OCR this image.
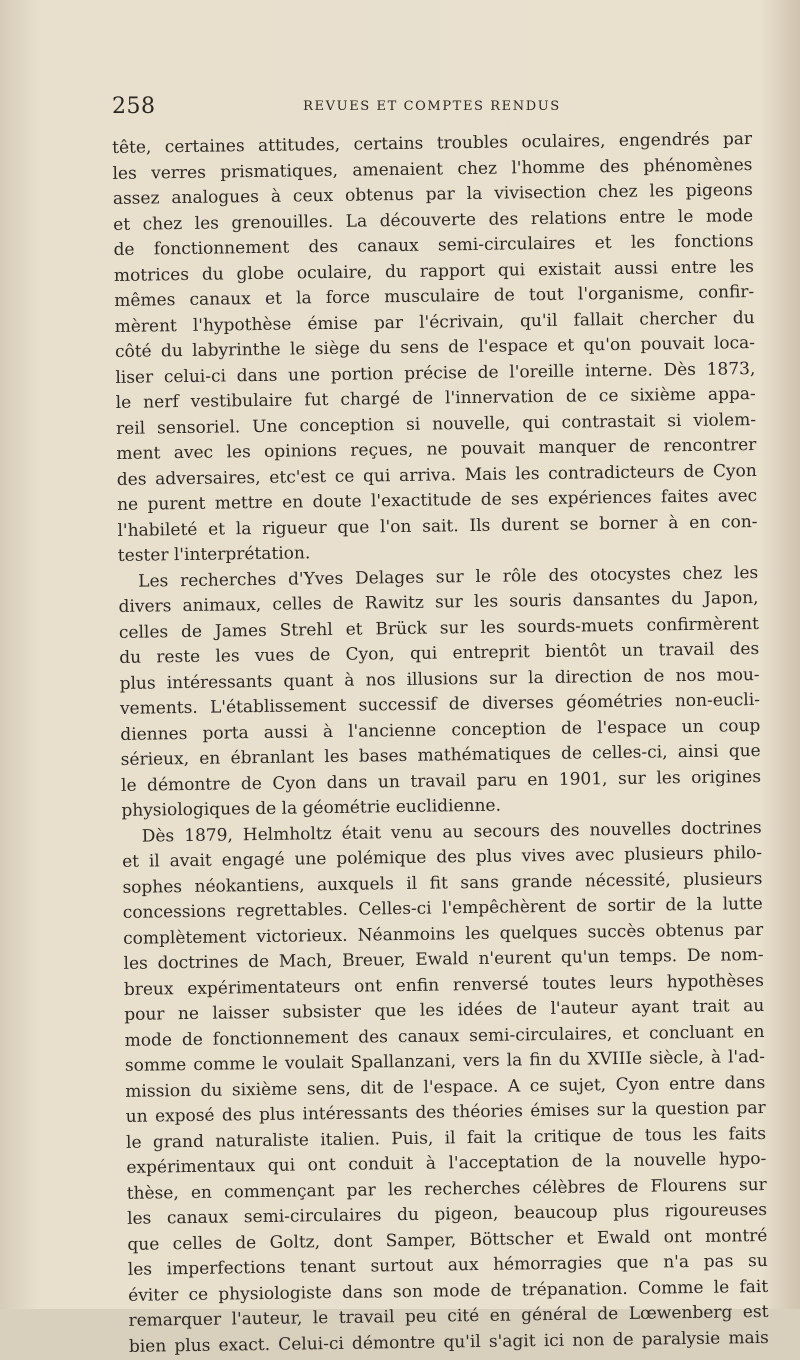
258	REVUES ET COMPTES RENDUS
tête, certaines attitudes, certains troubles oculaires, engendrés par
les verres prismatiques, amenaient chez l'homme des phénomènes
assez analogues à ceux obtenus par la vivisection chez les pigeons
et chez les grenouilles. La découverte des relations entre le mode
de fonctionnement des canaux semi-circulaires et les fonctions
motrices du globe oculaire, du rapport qui existait aussi entre les
mêmes canaux et la force musculaire de tout l'organisme, confir-
mèrent l'hypothèse émise par l'écrivain, qu'il fallait chercher du
côté du labyrinthe le siège du sens de l'espace et qu'on pouvait loca-
liser celui-ci dans une portion précise de l'oreille interne. Dès 1873,
le nerf vestibulaire fut chargé de l'innervation de ce sixième appa-
reil sensoriel. Une conception si nouvelle, qui contrastait si violem-
ment avec les opinions reçues, ne pouvait manquer de rencontrer
des adversaires, etc'est ce qui arriva. Mais les contradicteurs de Cyon
ne purent mettre en doute l'exactitude de ses expériences faites avec
l'habileté et la rigueur que l'on sait. Ils durent se borner à en con-
tester l'interprétation.
Les recherches d'Yves Delages sur le rôle des otocystes chez les
divers animaux, celles de Rawitz sur les souris dansantes du Japon,
celles de James Strehl et Brück sur les sourds-muets confirmèrent
du reste les vues de Cyon, qui entreprit bientôt un travail des
plus intéressants quant à nos illusions sur la direction de nos mou-
vements. L'établissement successif de diverses géométries non-eucli-
diennes porta aussi à l'ancienne conception de l'espace un coup
sérieux, en ébranlant les bases mathématiques de celles-ci, ainsi que
le démontre de Cyon dans un travail paru en 1901, sur les origines
physiologiques de la géométrie euclidienne.
Dès 1879, Helmholtz était venu au secours des nouvelles doctrines
et il avait engagé une polémique des plus vives avec plusieurs philo-
sophes néokantiens, auxquels il fit sans grande nécessité, plusieurs
concessions regrettables. Celles-ci l'empêchèrent de sortir de la lutte
complètement victorieux. Néanmoins les quelques succès obtenus par
les doctrines de Mach, Breuer, Ewald n'eurent qu'un temps. De nom-
breux expérimentateurs ont enfin renversé toutes leurs hypothèses
pour ne laisser subsister que les idées de l'auteur ayant trait au
mode de fonctionnement des canaux semi-circulaires, et concluant en
somme comme le voulait Spallanzani, vers la fin du XVIIIe siècle, à l'ad-
mission du sixième sens, dit de l'espace. A ce sujet, Cyon entre dans
un exposé des plus intéressants des théories émises sur la question par
le grand naturaliste italien. Puis, il fait la critique de tous les faits
expérimentaux qui ont conduit à l'acceptation de la nouvelle hypo-
thèse, en commençant par les recherches célèbres de Flourens sur
les canaux semi-circulaires du pigeon, beaucoup plus rigoureuses
que celles de Goltz, dont Samper, Böttscher et Ewald ont montré
les imperfections tenant surtout aux hémorragies que n'a pas su
éviter ce physiologiste dans son mode de trépanation. Comme le fait
remarquer l'auteur, le travail peu cité en général de Lœwenberg est
bien plus exact. Celui-ci démontre qu'il s'agit ici non de paralysie mais
